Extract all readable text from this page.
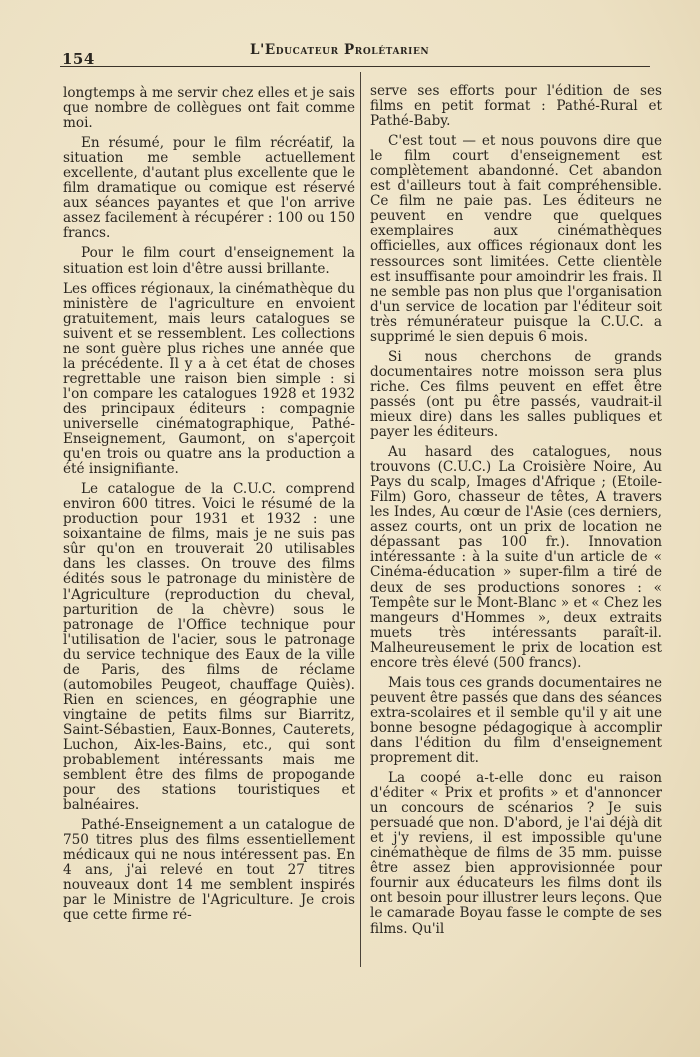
154	L'Educateur Prolétarien

longtemps à me servir chez elles et je sais que nombre de collègues ont fait comme moi.

En résumé, pour le film récréatif, la situation me semble actuellement excellente, d'autant plus excellente que le film dramatique ou comique est réservé aux séances payantes et que l'on arrive assez facilement à récupérer : 100 ou 150 francs.

Pour le film court d'enseignement la situation est loin d'être aussi brillante.

Les offices régionaux, la cinémathèque du ministère de l'agriculture en envoient gratuitement, mais leurs catalogues se suivent et se ressemblent. Les collections ne sont guère plus riches une année que la précédente. Il y a à cet état de choses regrettable une raison bien simple : si l'on compare les catalogues 1928 et 1932 des principaux éditeurs : compagnie universelle cinématographique, Pathé-Enseignement, Gaumont, on s'aperçoit qu'en trois ou quatre ans la production a été insignifiante.

Le catalogue de la C.U.C. comprend environ 600 titres. Voici le résumé de la production pour 1931 et 1932 : une soixantaine de films, mais je ne suis pas sûr qu'on en trouverait 20 utilisables dans les classes. On trouve des films édités sous le patronage du ministère de l'Agriculture (reproduction du cheval, parturition de la chèvre) sous le patronage de l'Office technique pour l'utilisation de l'acier, sous le patronage du service technique des Eaux de la ville de Paris, des films de réclame (automobiles Peugeot, chauffage Quiès). Rien en sciences, en géographie une vingtaine de petits films sur Biarritz, Saint-Sébastien, Eaux-Bonnes, Cauterets, Luchon, Aix-les-Bains, etc., qui sont probablement intéressants mais me semblent être des films de propogande pour des stations touristiques et balnéaires.

Pathé-Enseignement a un catalogue de 750 titres plus des films essentiellement médicaux qui ne nous intéressent pas. En 4 ans, j'ai relevé en tout 27 titres nouveaux dont 14 me semblent inspirés par le Ministre de l'Agriculture. Je crois que cette firme ré-

serve ses efforts pour l'édition de ses films en petit format : Pathé-Rural et Pathé-Baby.

C'est tout — et nous pouvons dire que le film court d'enseignement est complètement abandonné. Cet abandon est d'ailleurs tout à fait compréhensible. Ce film ne paie pas. Les éditeurs ne peuvent en vendre que quelques exemplaires aux cinémathèques officielles, aux offices régionaux dont les ressources sont limitées. Cette clientèle est insuffisante pour amoindrir les frais. Il ne semble pas non plus que l'organisation d'un service de location par l'éditeur soit très rémunérateur puisque la C.U.C. a supprimé le sien depuis 6 mois.

Si nous cherchons de grands documentaires notre moisson sera plus riche. Ces films peuvent en effet être passés (ont pu être passés, vaudrait-il mieux dire) dans les salles publiques et payer les éditeurs.

Au hasard des catalogues, nous trouvons (C.U.C.) La Croisière Noire, Au Pays du scalp, Images d'Afrique ; (Etoile-Film) Goro, chasseur de têtes, A travers les Indes, Au cœur de l'Asie (ces derniers, assez courts, ont un prix de location ne dépassant pas 100 fr.). Innovation intéressante : à la suite d'un article de « Cinéma-éducation » super-film a tiré de deux de ses productions sonores : « Tempête sur le Mont-Blanc » et « Chez les mangeurs d'Hommes », deux extraits muets très intéressants paraît-il. Malheureusement le prix de location est encore très élevé (500 francs).

Mais tous ces grands documentaires ne peuvent être passés que dans des séances extra-scolaires et il semble qu'il y ait une bonne besogne pédagogique à accomplir dans l'édition du film d'enseignement proprement dit.

La coopé a-t-elle donc eu raison d'éditer « Prix et profits » et d'annoncer un concours de scénarios ? Je suis persuadé que non. D'abord, je l'ai déjà dit et j'y reviens, il est impossible qu'une cinémathèque de films de 35 mm. puisse être assez bien approvisionnée pour fournir aux éducateurs les films dont ils ont besoin pour illustrer leurs leçons. Que le camarade Boyau fasse le compte de ses films. Qu'il
